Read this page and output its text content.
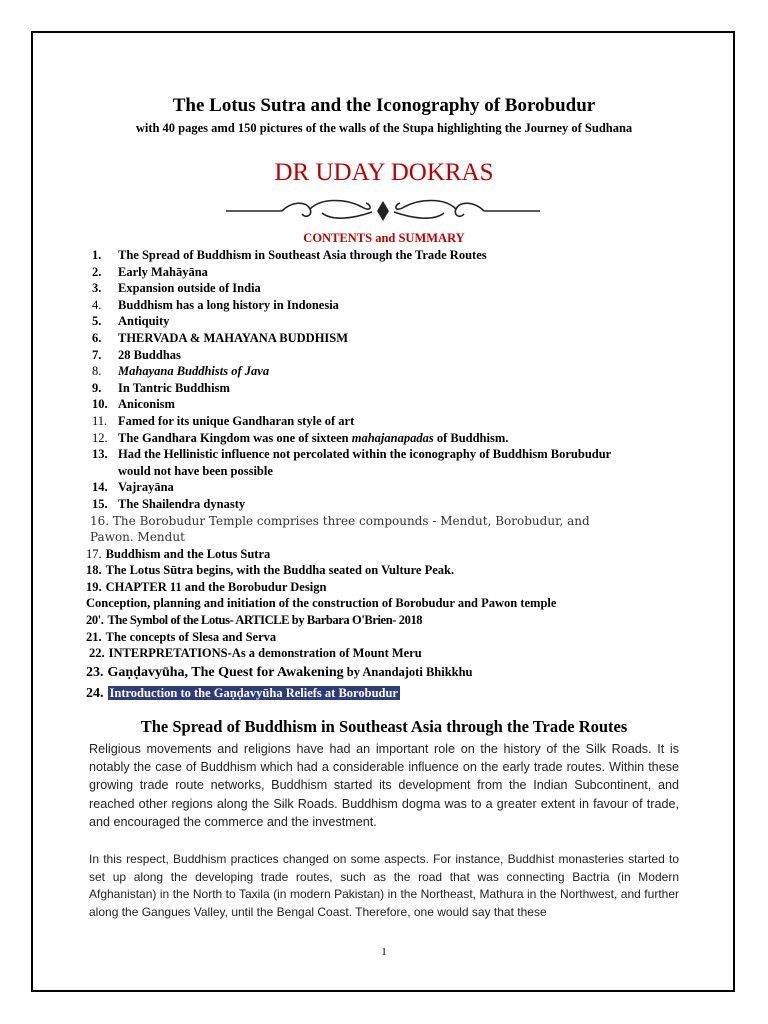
The Lotus Sutra and the Iconography of Borobudur
with 40 pages amd 150 pictures of the walls of the Stupa highlighting the Journey of Sudhana
DR UDAY DOKRAS
CONTENTS and SUMMARY
1. The Spread of Buddhism in Southeast Asia through the Trade Routes
2. Early Mahāyāna
3. Expansion outside of India
4. Buddhism has a long history in Indonesia
5. Antiquity
6. THERVADA & MAHAYANA BUDDHISM
7. 28 Buddhas
8. Mahayana Buddhists of Java
9. In Tantric Buddhism
10. Aniconism
11. Famed for its unique Gandharan style of art
12. The Gandhara Kingdom was one of sixteen mahajanapadas of Buddhism.
13. Had the Hellinistic influence not percolated within the iconography of Buddhism Borubudur
would not have been possible
14. Vajrayāna
15. The Shailendra dynasty
16. The Borobudur Temple comprises three compounds - Mendut, Borobudur, and
Pawon. Mendut
17. Buddhism and the Lotus Sutra
18. The Lotus Sūtra begins, with the Buddha seated on Vulture Peak.
19. CHAPTER 11 and the Borobudur Design
Conception, planning and initiation of the construction of Borobudur and Pawon temple
20'. The Symbol of the Lotus- ARTICLE by Barbara O'Brien- 2018
21. The concepts of Slesa and Serva
22. INTERPRETATIONS-As a demonstration of Mount Meru
23. Gaṇḍavyūha, The Quest for Awakening by Anandajoti Bhikkhu
24. Introduction to the Gaṇḍavyūha Reliefs at Borobudur
The Spread of Buddhism in Southeast Asia through the Trade Routes

Religious movements and religions have had an important role on the history of the Silk Roads. It is notably the case of Buddhism which had a considerable influence on the early trade routes. Within these growing trade route networks, Buddhism started its development from the Indian Subcontinent, and reached other regions along the Silk Roads. Buddhism dogma was to a greater extent in favour of trade, and encouraged the commerce and the investment.

In this respect, Buddhism practices changed on some aspects. For instance, Buddhist monasteries started to set up along the developing trade routes, such as the road that was connecting Bactria (in Modern Afghanistan) in the North to Taxila (in modern Pakistan) in the Northeast, Mathura in the Northwest, and further along the Gangues Valley, until the Bengal Coast. Therefore, one would say that these

1
